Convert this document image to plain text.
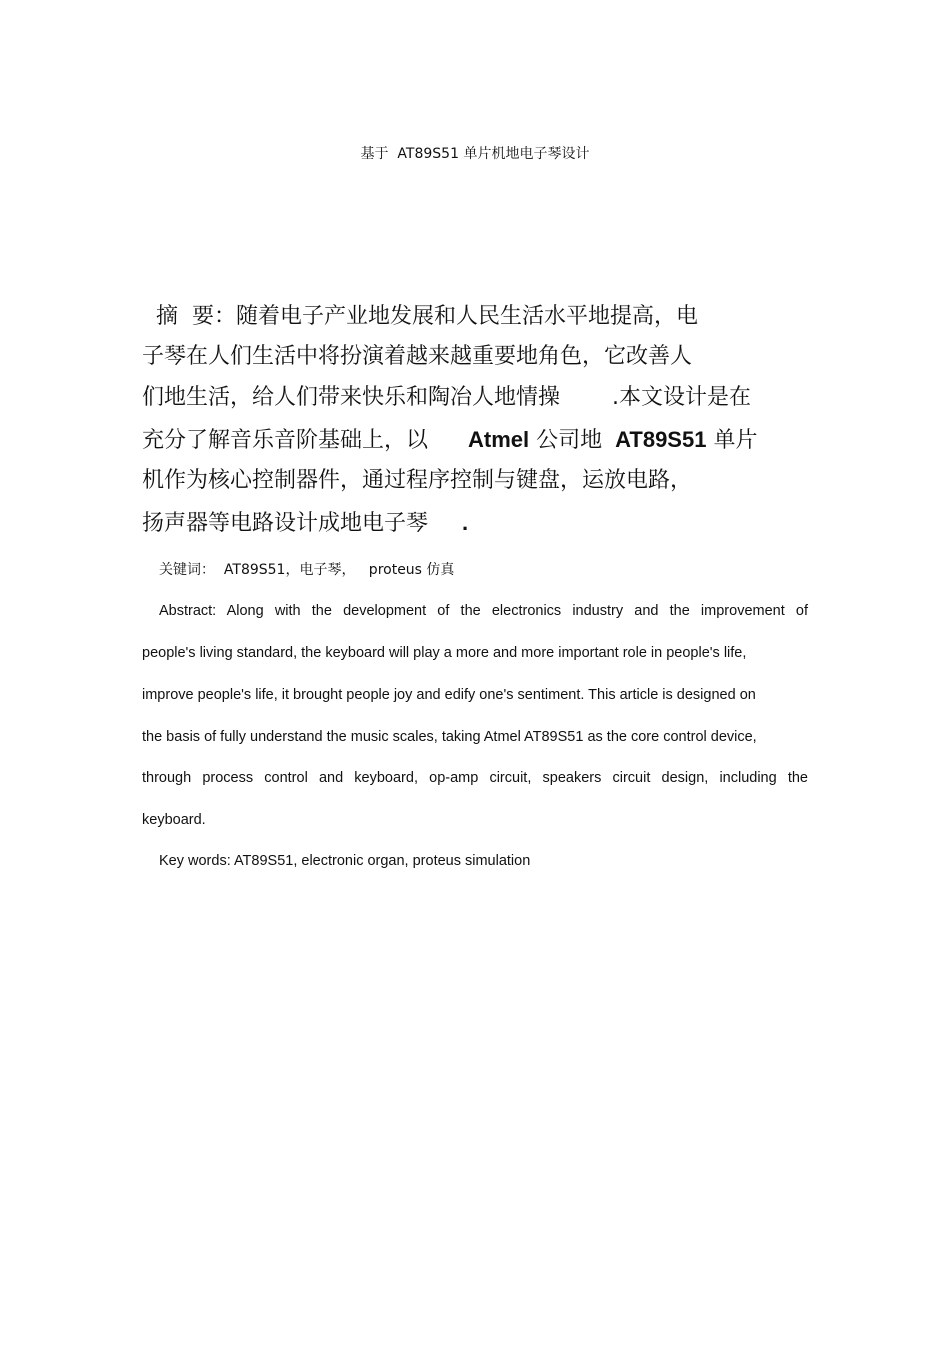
基于  AT89S51 单片机地电子琴设计
摘  要：随着电子产业地发展和人民生活水平地提高，电
子琴在人们生活中将扮演着越来越重要地角色，它改善人
们地生活，给人们带来快乐和陶冶人地情操 .本文设计是在
充分了解音乐音阶基础上，以 Atmel 公司地 AT89S51 单片
机作为核心控制器件，通过程序控制与键盘，运放电路，
扬声器等电路设计成地电子琴 .
关键词：  AT89S51，电子琴，   proteus 仿真
Abstract: Along with the development of the electronics industry and the improvement of
people's living standard, the keyboard will play a more and more important role in people's life,
improve people's life, it brought people joy and edify one's sentiment. This article is designed on
the basis of fully understand the music scales, taking Atmel AT89S51 as the core control device,
through process control and keyboard, op-amp circuit, speakers circuit design, including the
keyboard.
Key words: AT89S51, electronic organ, proteus simulation
